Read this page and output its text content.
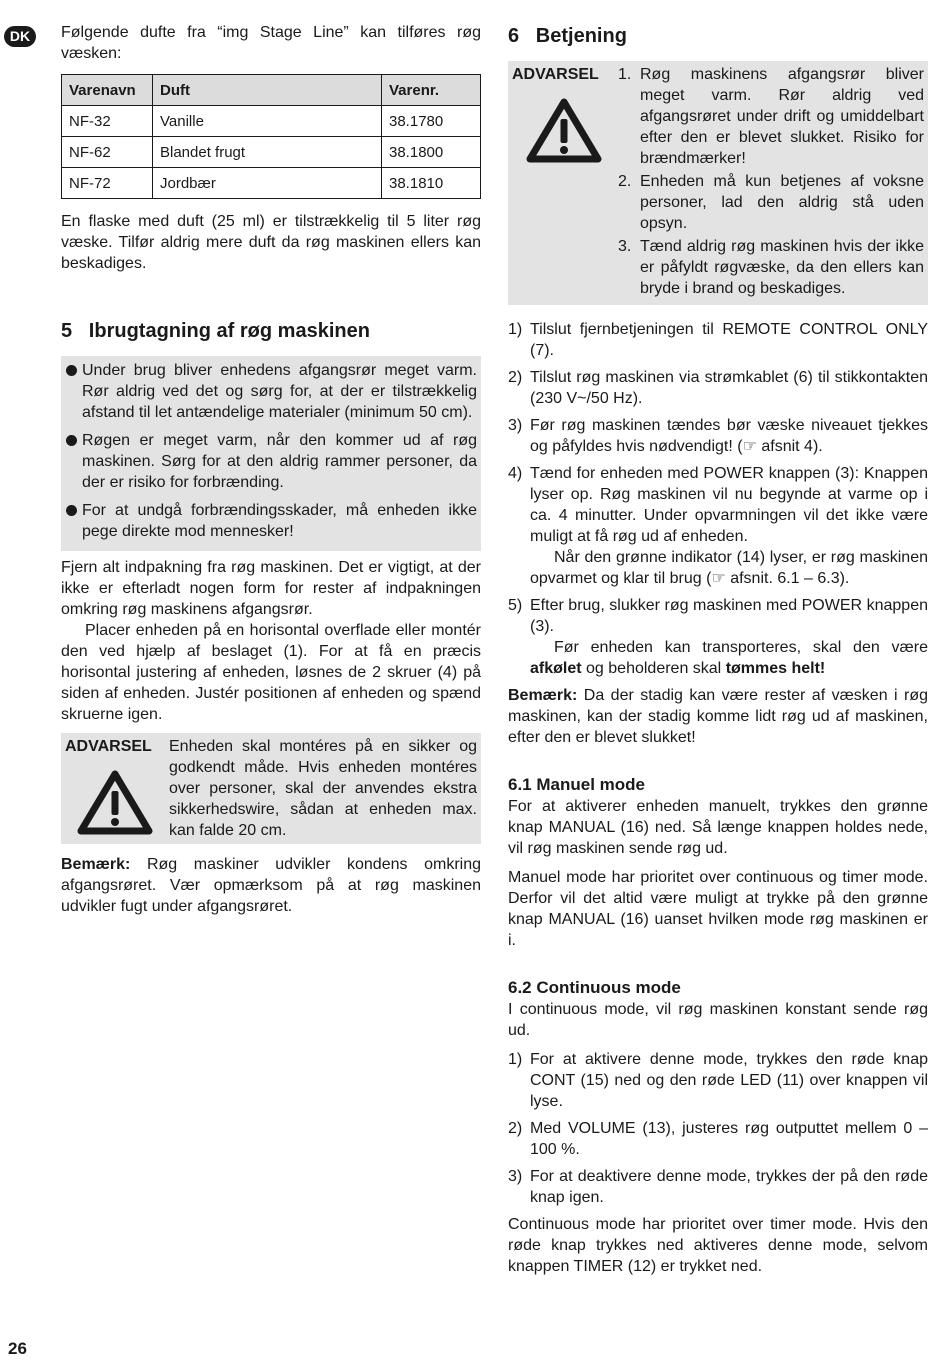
DK	Følgende dufte fra “img Stage Line” kan tilføres røg væsken:

Varenavn	Duft	Varenr.
NF-32	Vanille	38.1780
NF-62	Blandet frugt	38.1800
NF-72	Jordbær	38.1810

En flaske med duft (25 ml) er tilstrækkelig til 5 liter røg væske. Tilfør aldrig mere duft da røg maskinen ellers kan beskadiges.

5   Ibrugtagning af røg maskinen
Under brug bliver enhedens afgangsrør meget varm. Rør aldrig ved det og sørg for, at der er tilstrækkelig afstand til let antændelige materialer (minimum 50 cm).
Røgen er meget varm, når den kommer ud af røg maskinen. Sørg for at den aldrig rammer personer, da der er risiko for forbrænding.
For at undgå forbrændingsskader, må enheden ikke pege direkte mod mennesker!

Fjern alt indpakning fra røg maskinen. Det er vigtigt, at der ikke er efterladt nogen form for rester af indpakningen omkring røg maskinens afgangsrør.

Placer enheden på en horisontal overflade eller montér den ved hjælp af beslaget (1). For at få en præcis horisontal justering af enheden, løsnes de 2 skruer (4) på siden af enheden. Justér positionen af enheden og spænd skruerne igen.

ADVARSEL	Enheden skal montéres på en sikker og godkendt måde. Hvis enheden montéres over personer, skal der anvendes ekstra sikkerhedswire, sådan at enheden max. kan falde 20 cm.

Bemærk: Røg maskiner udvikler kondens omkring afgangsrøret. Vær opmærksom på at røg maskinen udvikler fugt under afgangsrøret.

6   Betjening
ADVARSEL	1. Røg maskinens afgangsrør bliver meget varm. Rør aldrig ved afgangsrøret under drift og umiddelbart efter den er blevet slukket. Risiko for brændmærker!
2. Enheden må kun betjenes af voksne personer, lad den aldrig stå uden opsyn.
3. Tænd aldrig røg maskinen hvis der ikke er påfyldt røgvæske, da den ellers kan bryde i brand og beskadiges.
1) Tilslut fjernbetjeningen til REMOTE CONTROL ONLY (7).
2) Tilslut røg maskinen via strømkablet (6) til stikkontakten (230 V~/50 Hz).
3) Før røg maskinen tændes bør væske niveauet tjekkes og påfyldes hvis nødvendigt! (☞ afsnit 4).
4) Tænd for enheden med POWER knappen (3): Knappen lyser op. Røg maskinen vil nu begynde at varme op i ca. 4 minutter. Under opvarmningen vil det ikke være muligt at få røg ud af enheden.
Når den grønne indikator (14) lyser, er røg maskinen opvarmet og klar til brug (☞ afsnit. 6.1 – 6.3).
5) Efter brug, slukker røg maskinen med POWER knappen (3).
Før enheden kan transporteres, skal den være afkølet og beholderen skal tømmes helt!

Bemærk: Da der stadig kan være rester af væsken i røg maskinen, kan der stadig komme lidt røg ud af maskinen, efter den er blevet slukket!

6.1 Manuel mode

For at aktiverer enheden manuelt, trykkes den grønne knap MANUAL (16) ned. Så længe knappen holdes nede, vil røg maskinen sende røg ud.

Manuel mode har prioritet over continuous og timer mode. Derfor vil det altid være muligt at trykke på den grønne knap MANUAL (16) uanset hvilken mode røg maskinen er i.

6.2 Continuous mode

I continuous mode, vil røg maskinen konstant sende røg ud.

1) For at aktivere denne mode, trykkes den røde knap CONT (15) ned og den røde LED (11) over knappen vil lyse.
2) Med VOLUME (13), justeres røg outputtet mellem 0 – 100 %.
3) For at deaktivere denne mode, trykkes der på den røde knap igen.

Continuous mode har prioritet over timer mode. Hvis den røde knap trykkes ned aktiveres denne mode, selvom knappen TIMER (12) er trykket ned.

26
